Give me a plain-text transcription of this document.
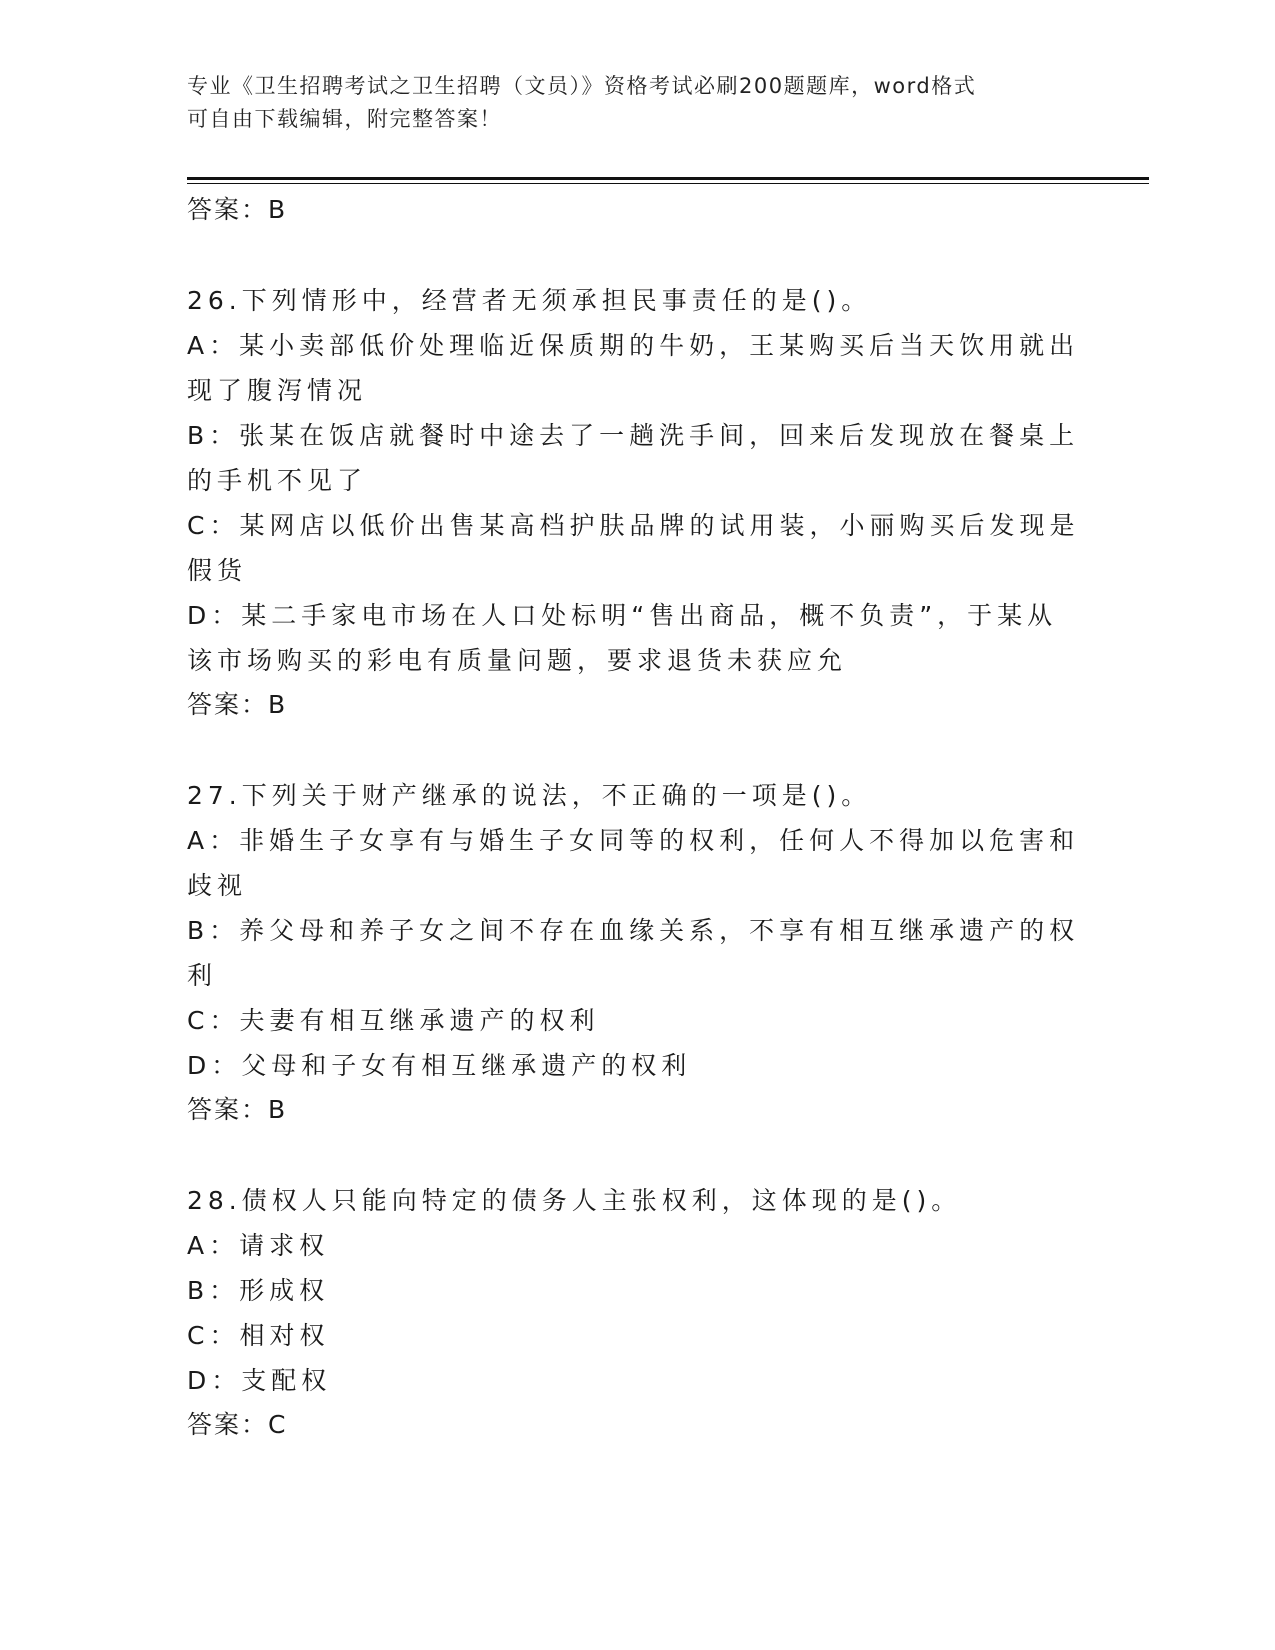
专业《卫生招聘考试之卫生招聘（文员）》资格考试必刷200题题库，word格式
可自由下载编辑，附完整答案！

答案：B

26.下列情形中，经营者无须承担民事责任的是()。

A：某小卖部低价处理临近保质期的牛奶，王某购买后当天饮用就出现了腹泻情况

B：张某在饭店就餐时中途去了一趟洗手间，回来后发现放在餐桌上的手机不见了

C：某网店以低价出售某高档护肤品牌的试用装，小丽购买后发现是假货

D：某二手家电市场在人口处标明“售出商品，概不负责”，于某从该市场购买的彩电有质量问题，要求退货未获应允

答案：B

27.下列关于财产继承的说法，不正确的一项是()。

A：非婚生子女享有与婚生子女同等的权利，任何人不得加以危害和歧视

B：养父母和养子女之间不存在血缘关系，不享有相互继承遗产的权利

C：夫妻有相互继承遗产的权利

D：父母和子女有相互继承遗产的权利

答案：B

28.债权人只能向特定的债务人主张权利，这体现的是()。

A：请求权

B：形成权

C：相对权

D：支配权

答案：C
